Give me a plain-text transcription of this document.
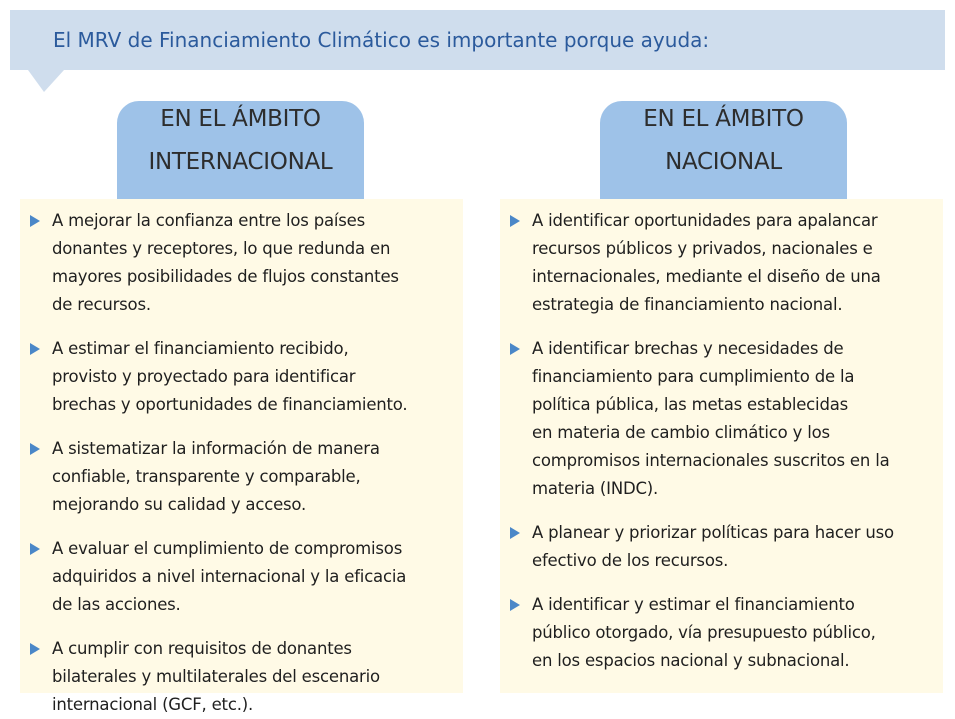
El MRV de Financiamiento Climático es importante porque ayuda:
EN EL ÁMBITO
INTERNACIONAL
EN EL ÁMBITO
NACIONAL
A mejorar la confianza entre los países
donantes y receptores, lo que redunda en
mayores posibilidades de flujos constantes
de recursos.
A estimar el financiamiento recibido,
provisto y proyectado para identificar
brechas y oportunidades de financiamiento.
A sistematizar la información de manera
confiable, transparente y comparable,
mejorando su calidad y acceso.
A evaluar el cumplimiento de compromisos
adquiridos a nivel internacional y la eficacia
de las acciones.
A cumplir con requisitos de donantes
bilaterales y multilaterales del escenario
internacional (GCF, etc.).
A identificar oportunidades para apalancar
recursos públicos y privados, nacionales e
internacionales, mediante el diseño de una
estrategia de financiamiento nacional.
A identificar brechas y necesidades de
financiamiento para cumplimiento de la
política pública, las metas establecidas
en materia de cambio climático y los
compromisos internacionales suscritos en la
materia (INDC).
A planear y priorizar políticas para hacer uso
efectivo de los recursos.
A identificar y estimar el financiamiento
público otorgado, vía presupuesto público,
en los espacios nacional y subnacional.
